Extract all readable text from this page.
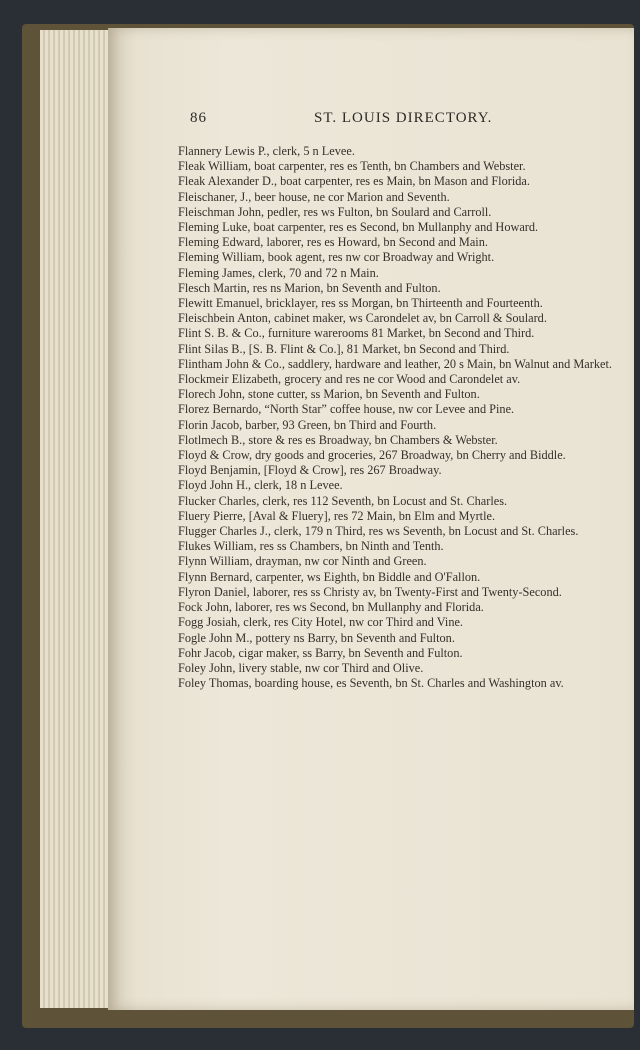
86	ST. LOUIS DIRECTORY.

Flannery Lewis P., clerk, 5 n Levee.

Fleak William, boat carpenter, res es Tenth, bn Chambers and Webster.

Fleak Alexander D., boat carpenter, res es Main, bn Mason and Florida.

Fleischaner, J., beer house, ne cor Marion and Seventh.

Fleischman John, pedler, res ws Fulton, bn Soulard and Carroll.

Fleming Luke, boat carpenter, res es Second, bn Mullanphy and Howard.

Fleming Edward, laborer, res es Howard, bn Second and Main.

Fleming William, book agent, res nw cor Broadway and Wright.

Fleming James, clerk, 70 and 72 n Main.

Flesch Martin, res ns Marion, bn Seventh and Fulton.

Flewitt Emanuel, bricklayer, res ss Morgan, bn Thirteenth and Fourteenth.

Fleischbein Anton, cabinet maker, ws Carondelet av, bn Carroll & Soulard.

Flint S. B. & Co., furniture warerooms 81 Market, bn Second and Third.

Flint Silas B., [S. B. Flint & Co.], 81 Market, bn Second and Third.

Flintham John & Co., saddlery, hardware and leather, 20 s Main, bn Walnut and Market.

Flockmeir Elizabeth, grocery and res ne cor Wood and Carondelet av.

Florech John, stone cutter, ss Marion, bn Seventh and Fulton.

Florez Bernardo, “North Star” coffee house, nw cor Levee and Pine.

Florin Jacob, barber, 93 Green, bn Third and Fourth.

Flotlmech B., store & res es Broadway, bn Chambers & Webster.

Floyd & Crow, dry goods and groceries, 267 Broadway, bn Cherry and Biddle.

Floyd Benjamin, [Floyd & Crow], res 267 Broadway.

Floyd John H., clerk, 18 n Levee.

Flucker Charles, clerk, res 112 Seventh, bn Locust and St. Charles.

Fluery Pierre, [Aval & Fluery], res 72 Main, bn Elm and Myrtle.

Flugger Charles J., clerk, 179 n Third, res ws Seventh, bn Locust and St. Charles.

Flukes William, res ss Chambers, bn Ninth and Tenth.

Flynn William, drayman, nw cor Ninth and Green.

Flynn Bernard, carpenter, ws Eighth, bn Biddle and O'Fallon.

Flyron Daniel, laborer, res ss Christy av, bn Twenty-First and Twenty-Second.

Fock John, laborer, res ws Second, bn Mullanphy and Florida.

Fogg Josiah, clerk, res City Hotel, nw cor Third and Vine.

Fogle John M., pottery ns Barry, bn Seventh and Fulton.

Fohr Jacob, cigar maker, ss Barry, bn Seventh and Fulton.

Foley John, livery stable, nw cor Third and Olive.

Foley Thomas, boarding house, es Seventh, bn St. Charles and Washington av.
